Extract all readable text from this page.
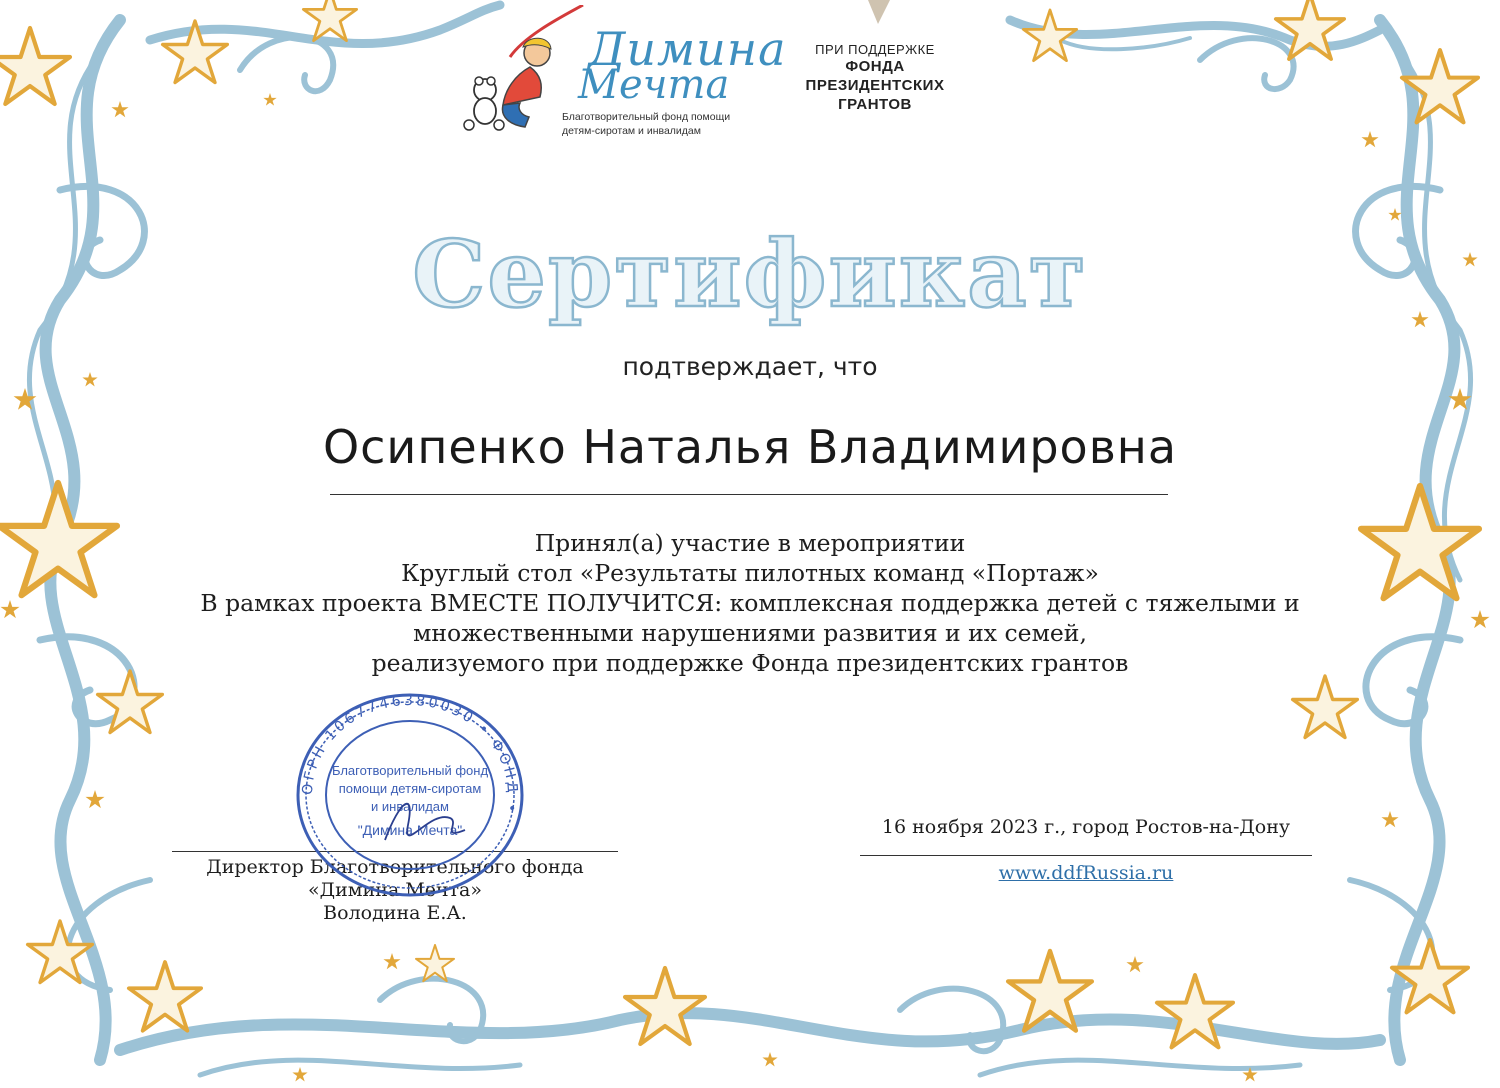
Димина
Мечта
Благотворительный фонд помощи
детям-сиротам и инвалидам
ПРИ ПОДДЕРЖКЕ
ФОНДА
ПРЕЗИДЕНТСКИХ
ГРАНТОВ
Сертификат
подтверждает, что
Осипенко Наталья Владимировна
Принял(а) участие в мероприятии
Круглый стол «Результаты пилотных команд «Портаж»
В рамках проекта ВМЕСТЕ ПОЛУЧИТСЯ: комплексная поддержка детей с тяжелыми и
множественными нарушениями развития и их семей,
реализуемого при поддержке Фонда президентских грантов
Директор Благотворительного фонда
«Димина Мечта»
Володина Е.А.
ОГРН 1067746380030 • ФОНД •
Благотворительный фонд
помощи детям-сиротам
и инвалидам
"Димина Мечта"	16 ноября 2023 г., город Ростов-на-Дону
www.ddfRussia.ru
